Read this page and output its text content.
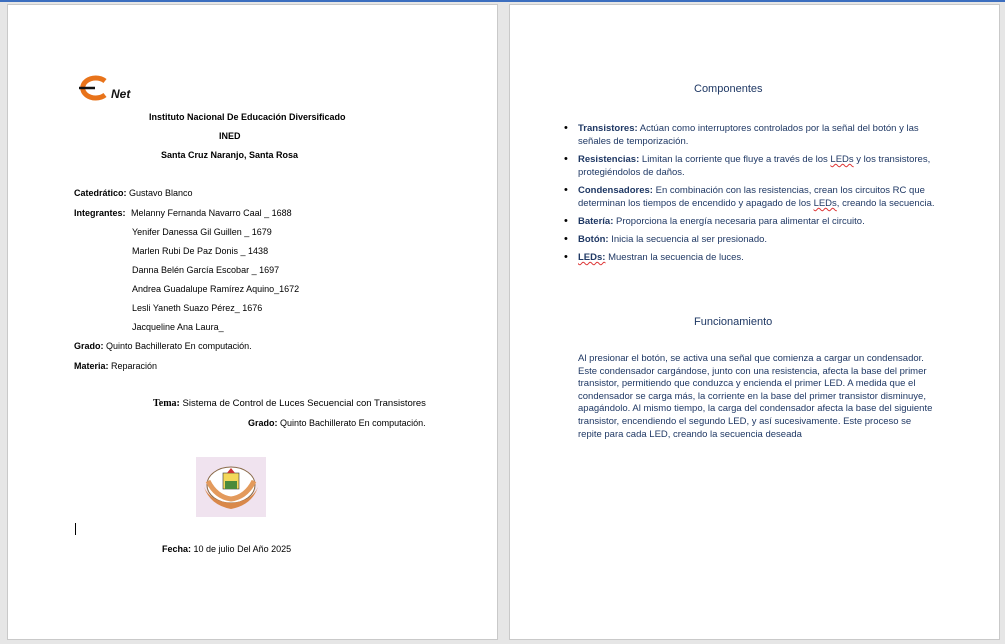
Net
Instituto Nacional De Educación Diversificado
INED
Santa Cruz Naranjo, Santa Rosa
Catedrático: Gustavo Blanco
Integrantes: Melanny Fernanda Navarro Caal _ 1688
Yenifer Danessa Gil Guillen _ 1679
Marlen Rubi De Paz Donis _ 1438
Danna Belén García Escobar _ 1697
Andrea Guadalupe Ramírez Aquino_1672
Lesli Yaneth Suazo Pérez_ 1676
Jacqueline Ana Laura_
Grado: Quinto Bachillerato En computación.
Materia: Reparación
Tema: Sistema de Control de Luces Secuencial con Transistores
Grado: Quinto Bachillerato En computación.
Fecha: 10 de julio Del Año 2025
Componentes
• Transistores: Actúan como interruptores controlados por la señal del botón y las señales de temporización.
• Resistencias: Limitan la corriente que fluye a través de los LEDs y los transistores, protegiéndolos de daños.
• Condensadores: En combinación con las resistencias, crean los circuitos RC que determinan los tiempos de encendido y apagado de los LEDs, creando la secuencia.
• Batería: Proporciona la energía necesaria para alimentar el circuito.
• Botón: Inicia la secuencia al ser presionado.
• LEDs: Muestran la secuencia de luces.
Funcionamiento
Al presionar el botón, se activa una señal que comienza a cargar un condensador. Este condensador cargándose, junto con una resistencia, afecta la base del primer transistor, permitiendo que conduzca y encienda el primer LED. A medida que el condensador se carga más, la corriente en la base del primer transistor disminuye, apagándolo. Al mismo tiempo, la carga del condensador afecta la base del siguiente transistor, encendiendo el segundo LED, y así sucesivamente. Este proceso se repite para cada LED, creando la secuencia deseada
